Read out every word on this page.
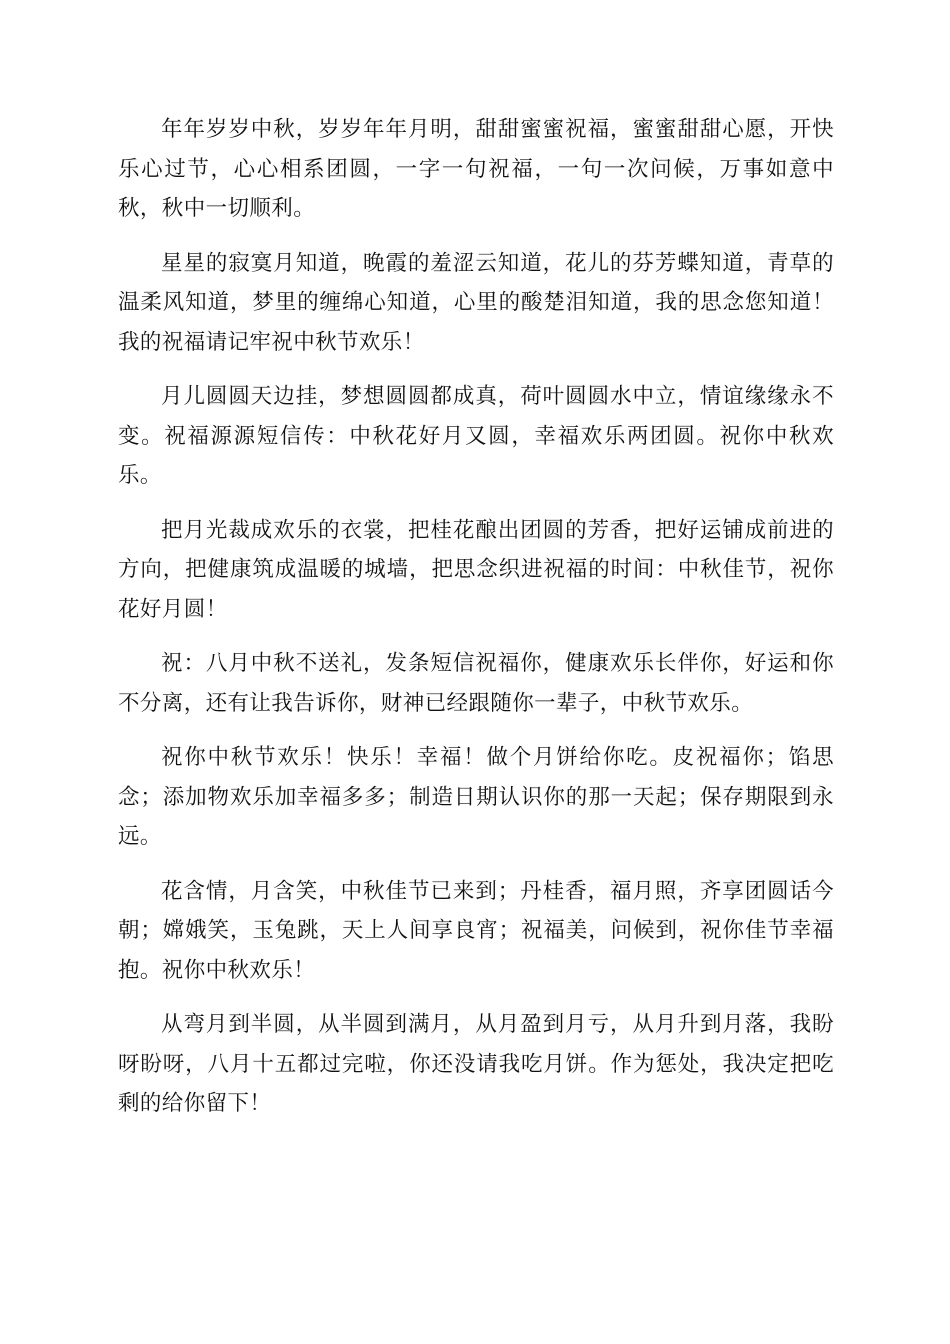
年年岁岁中秋，岁岁年年月明，甜甜蜜蜜祝福，蜜蜜甜甜心愿，开快乐心过节，心心相系团圆，一字一句祝福，一句一次问候，万事如意中秋，秋中一切顺利。

星星的寂寞月知道，晚霞的羞涩云知道，花儿的芬芳蝶知道，青草的温柔风知道，梦里的缠绵心知道，心里的酸楚泪知道，我的思念您知道！我的祝福请记牢祝中秋节欢乐！

月儿圆圆天边挂，梦想圆圆都成真，荷叶圆圆水中立，情谊缘缘永不变。祝福源源短信传：中秋花好月又圆，幸福欢乐两团圆。祝你中秋欢乐。

把月光裁成欢乐的衣裳，把桂花酿出团圆的芳香，把好运铺成前进的方向，把健康筑成温暖的城墙，把思念织进祝福的时间：中秋佳节，祝你花好月圆！

祝：八月中秋不送礼，发条短信祝福你，健康欢乐长伴你，好运和你不分离，还有让我告诉你，财神已经跟随你一辈子，中秋节欢乐。

祝你中秋节欢乐！快乐！幸福！做个月饼给你吃。皮祝福你；馅思念；添加物欢乐加幸福多多；制造日期认识你的那一天起；保存期限到永远。

花含情，月含笑，中秋佳节已来到；丹桂香，福月照，齐享团圆话今朝；嫦娥笑，玉兔跳，天上人间享良宵；祝福美，问候到，祝你佳节幸福抱。祝你中秋欢乐！

从弯月到半圆，从半圆到满月，从月盈到月亏，从月升到月落，我盼呀盼呀，八月十五都过完啦，你还没请我吃月饼。作为惩处，我决定把吃剩的给你留下！
